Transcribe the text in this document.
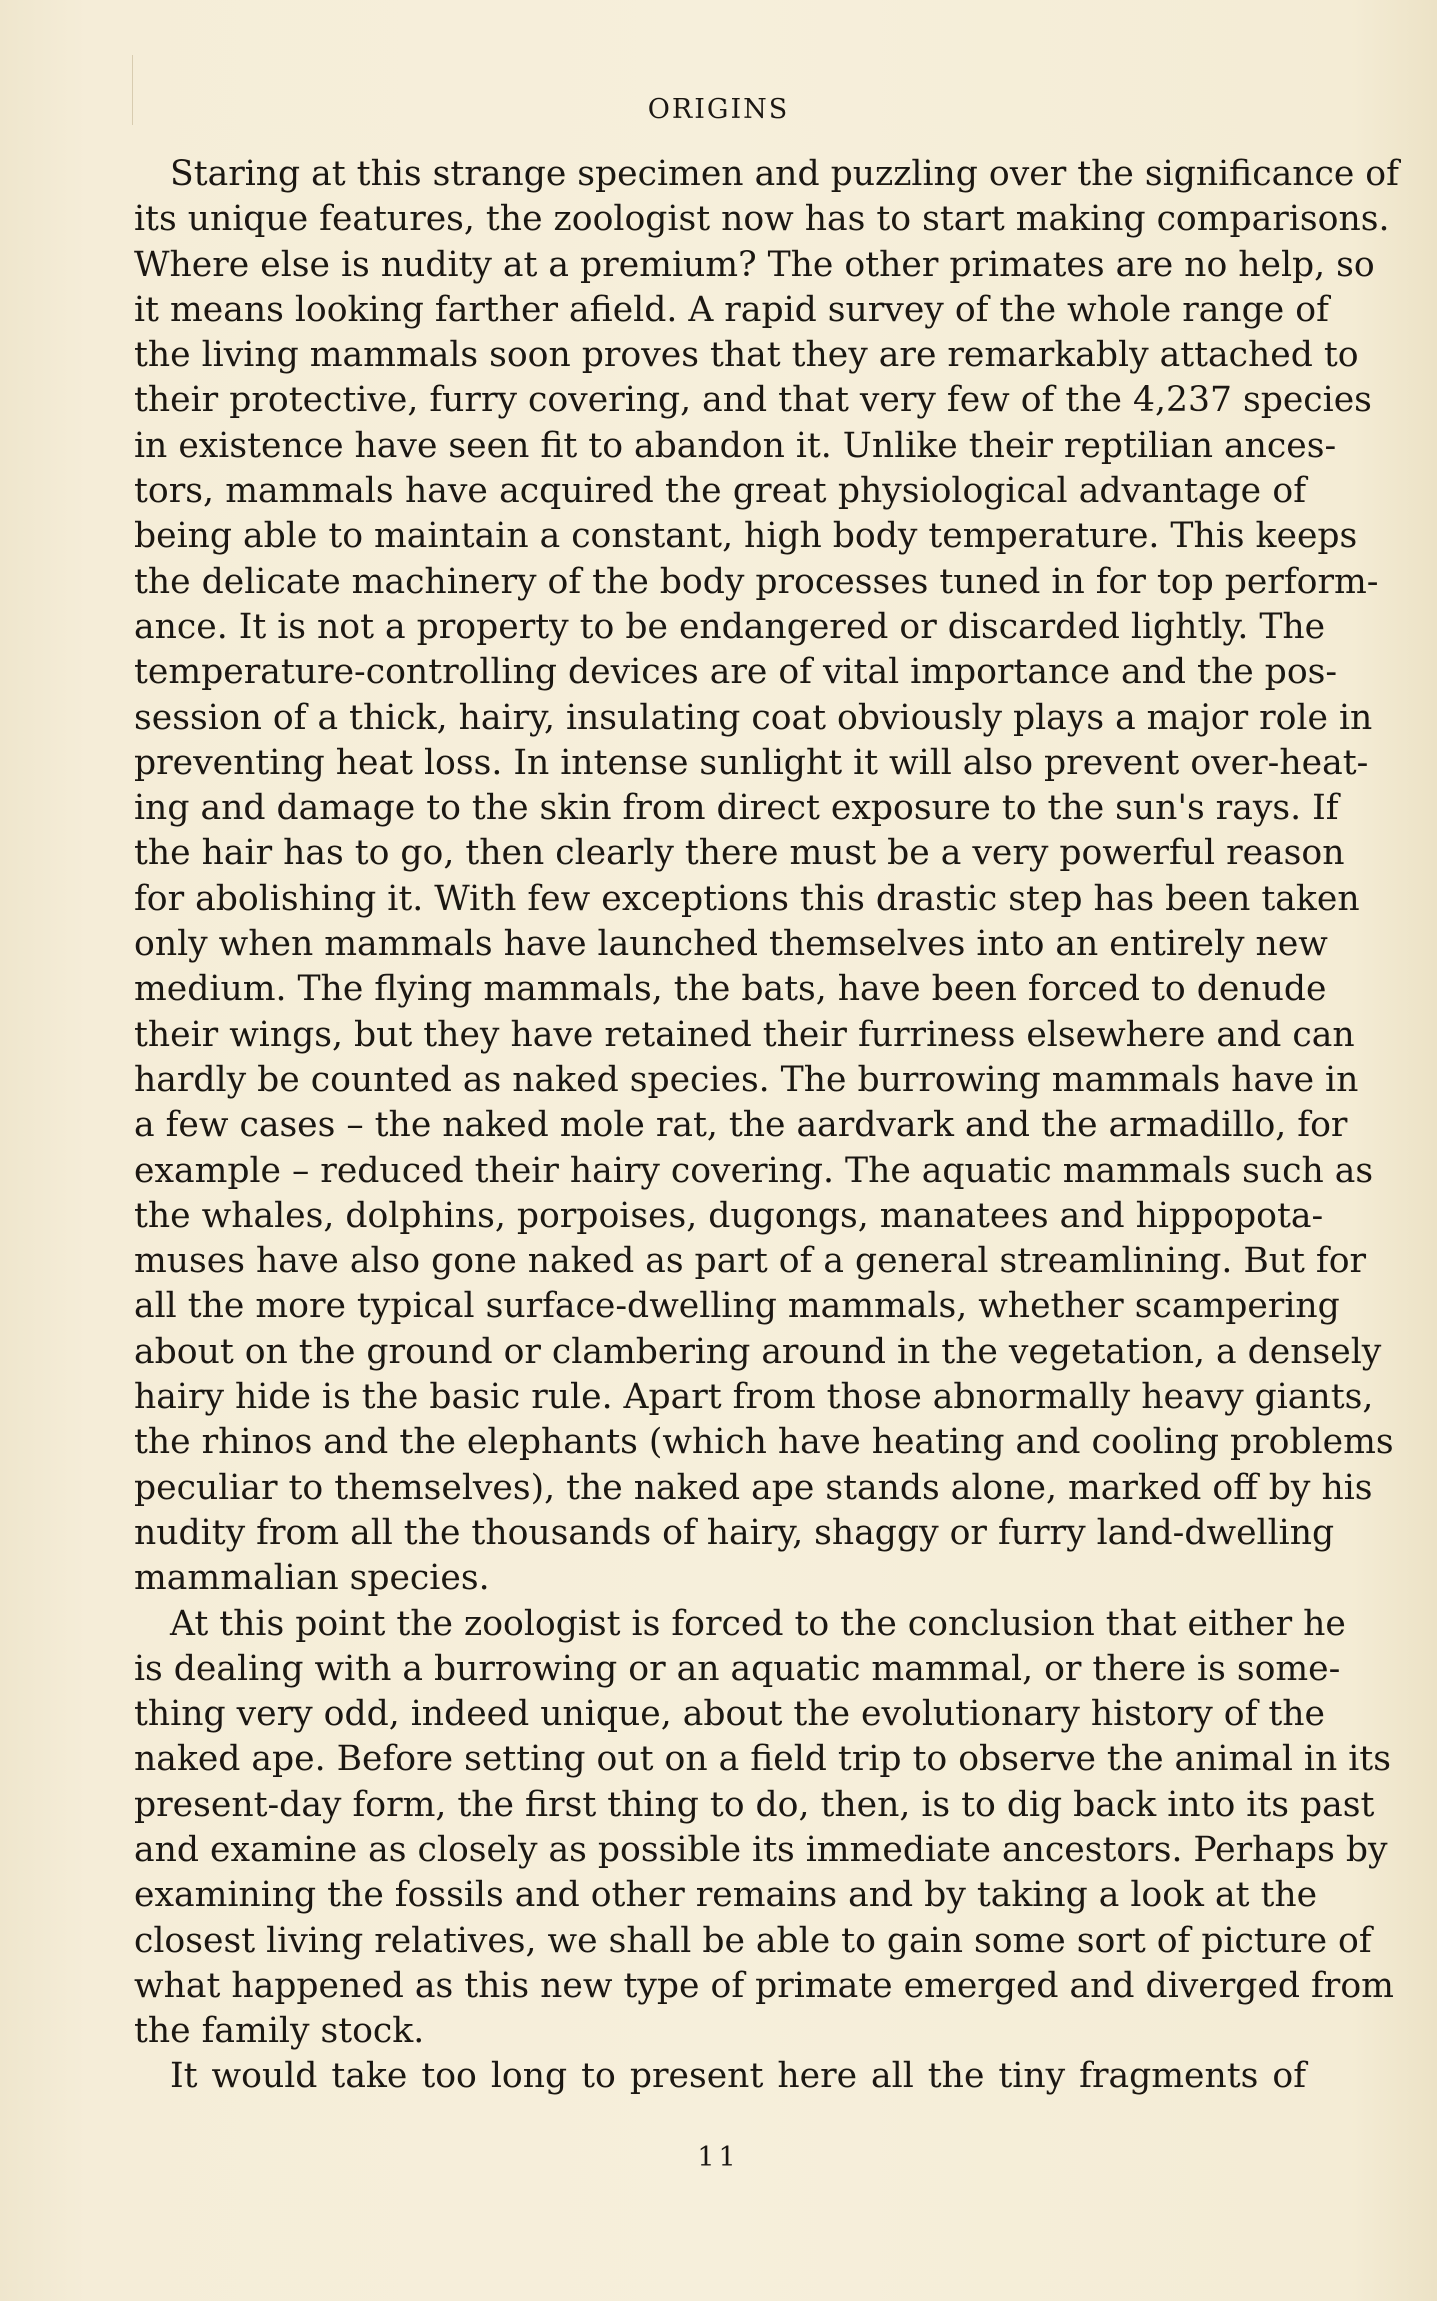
ORIGINS

Staring at this strange specimen and puzzling over the significance of
its unique features, the zoologist now has to start making comparisons.
Where else is nudity at a premium? The other primates are no help, so
it means looking farther afield. A rapid survey of the whole range of
the living mammals soon proves that they are remarkably attached to
their protective, furry covering, and that very few of the 4,237 species
in existence have seen fit to abandon it. Unlike their reptilian ances-
tors, mammals have acquired the great physiological advantage of
being able to maintain a constant, high body temperature. This keeps
the delicate machinery of the body processes tuned in for top perform-
ance. It is not a property to be endangered or discarded lightly. The
temperature-controlling devices are of vital importance and the pos-
session of a thick, hairy, insulating coat obviously plays a major role in
preventing heat loss. In intense sunlight it will also prevent over-heat-
ing and damage to the skin from direct exposure to the sun's rays. If
the hair has to go, then clearly there must be a very powerful reason
for abolishing it. With few exceptions this drastic step has been taken
only when mammals have launched themselves into an entirely new
medium. The flying mammals, the bats, have been forced to denude
their wings, but they have retained their furriness elsewhere and can
hardly be counted as naked species. The burrowing mammals have in
a few cases – the naked mole rat, the aardvark and the armadillo, for
example – reduced their hairy covering. The aquatic mammals such as
the whales, dolphins, porpoises, dugongs, manatees and hippopota-
muses have also gone naked as part of a general streamlining. But for
all the more typical surface-dwelling mammals, whether scampering
about on the ground or clambering around in the vegetation, a densely
hairy hide is the basic rule. Apart from those abnormally heavy giants,
the rhinos and the elephants (which have heating and cooling problems
peculiar to themselves), the naked ape stands alone, marked off by his
nudity from all the thousands of hairy, shaggy or furry land-dwelling
mammalian species.

At this point the zoologist is forced to the conclusion that either he
is dealing with a burrowing or an aquatic mammal, or there is some-
thing very odd, indeed unique, about the evolutionary history of the
naked ape. Before setting out on a field trip to observe the animal in its
present-day form, the first thing to do, then, is to dig back into its past
and examine as closely as possible its immediate ancestors. Perhaps by
examining the fossils and other remains and by taking a look at the
closest living relatives, we shall be able to gain some sort of picture of
what happened as this new type of primate emerged and diverged from
the family stock.

It would take too long to present here all the tiny fragments of

11
